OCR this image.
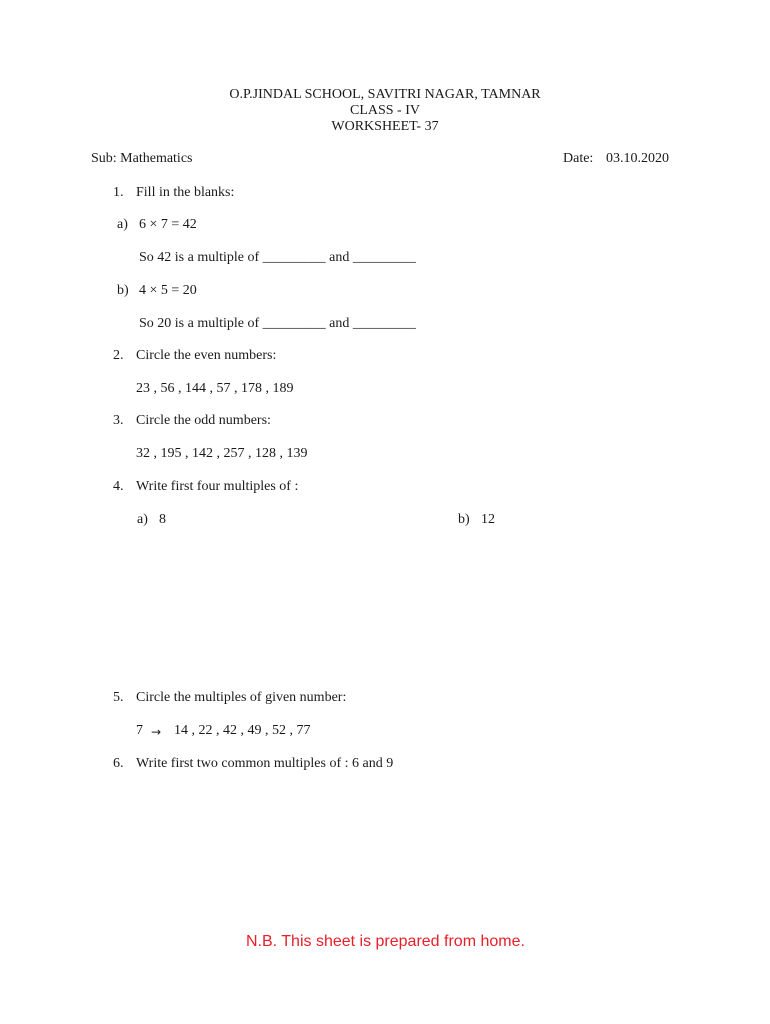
O.P.JINDAL SCHOOL, SAVITRI NAGAR, TAMNAR
CLASS - IV
WORKSHEET- 37
Sub: Mathematics	Date: 03.10.2020
1. Fill in the blanks:
a) 6 × 7 = 42
So 42 is a multiple of _________ and _________
b) 4 × 5 = 20
So 20 is a multiple of _________ and _________
2. Circle the even numbers:
23 , 56 , 144 , 57 , 178 , 189
3. Circle the odd numbers:
32 , 195 , 142 , 257 , 128 , 139
4. Write first four multiples of :
a) 8	b) 12
5. Circle the multiples of given number:
7 → 14 , 22 , 42 , 49 , 52 , 77
6. Write first two common multiples of : 6 and 9
N.B. This sheet is prepared from home.
